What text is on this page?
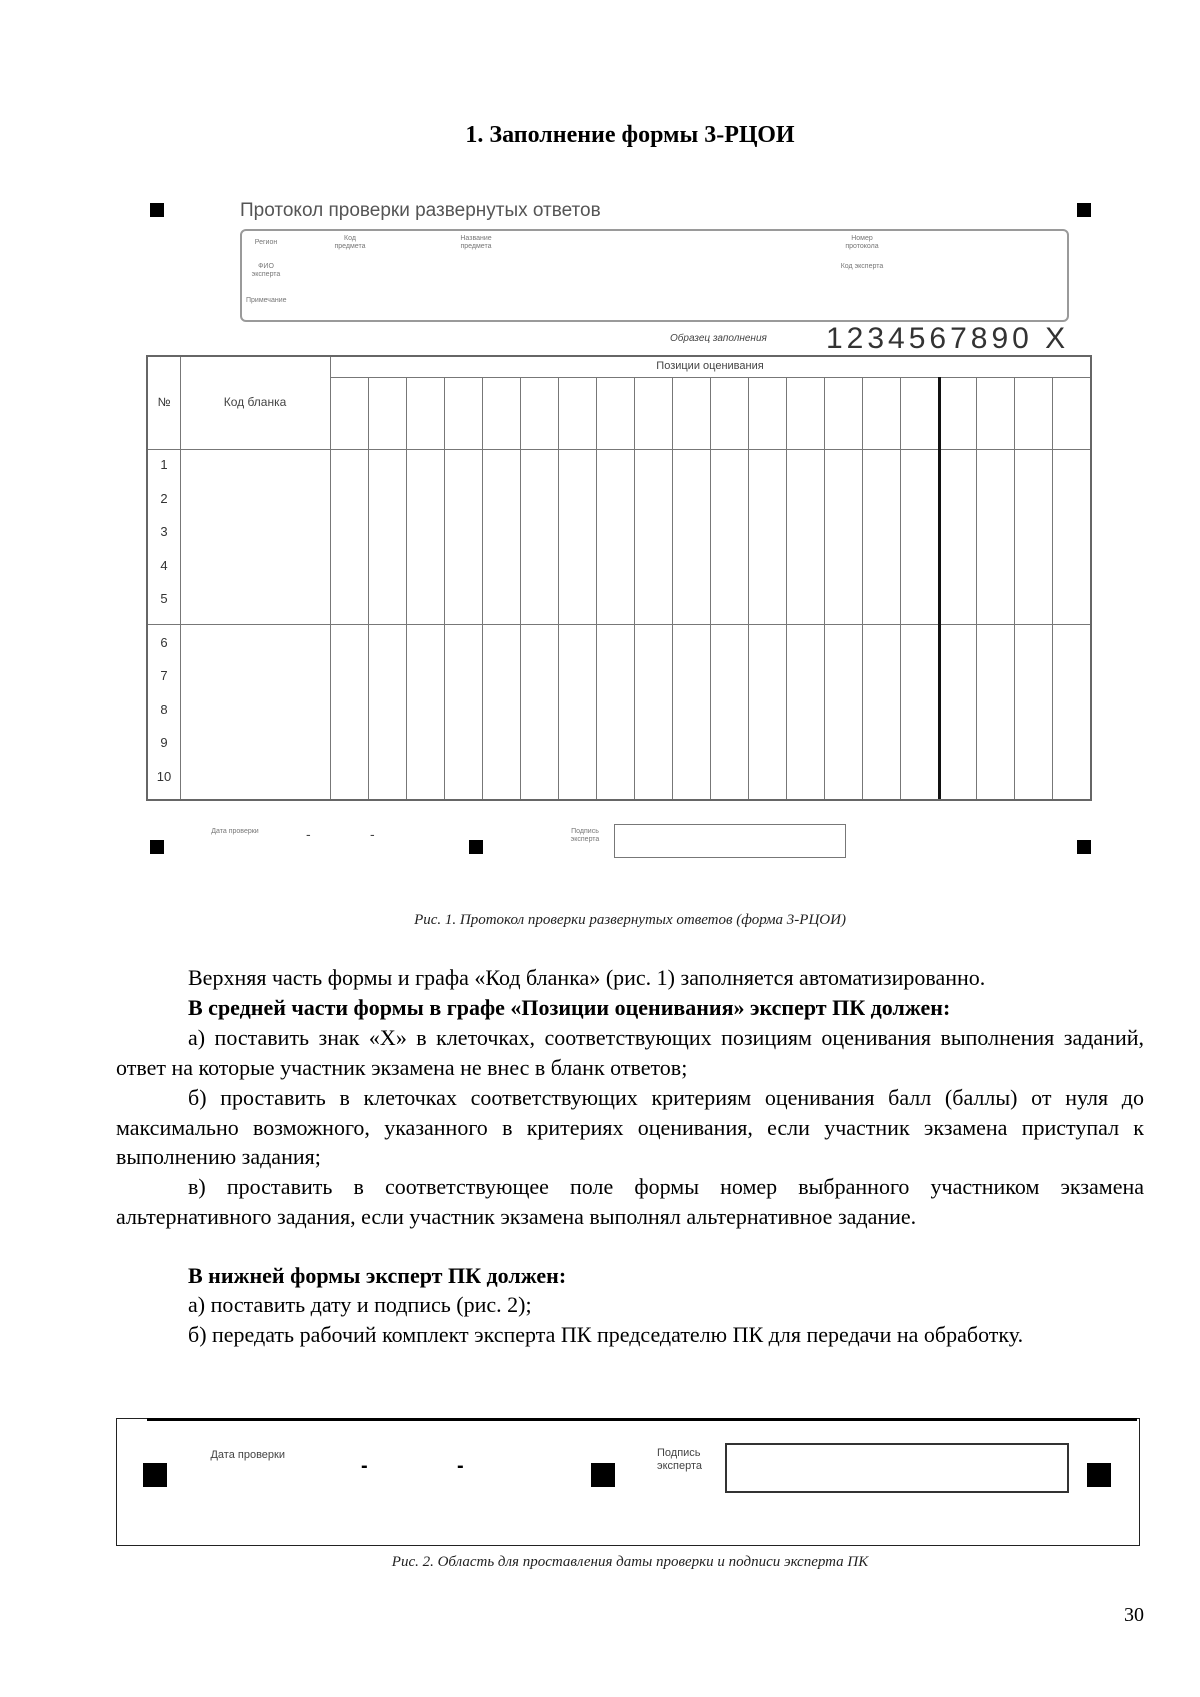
1. Заполнение формы 3-РЦОИ
Протокол проверки развернутых ответов
Регион
Код предмета
Название предмета
Номер протокола
ФИО эксперта
Код эксперта
Примечание
Образец заполнения 1234567890 X
Позиции оценивания
№	Код бланка
1
2
3
4
5
6
7
8
9
10
Дата проверки	-	-	Подпись эксперта
Рис. 1. Протокол проверки развернутых ответов (форма 3-РЦОИ)
Верхняя часть формы и графа «Код бланка» (рис. 1) заполняется автоматизированно.
В средней части формы в графе «Позиции оценивания» эксперт ПК должен:
а) поставить знак «X» в клеточках, соответствующих позициям оценивания выполнения заданий, ответ на которые участник экзамена не внес в бланк ответов;
б) проставить в клеточках соответствующих критериям оценивания балл (баллы) от нуля до максимально возможного, указанного в критериях оценивания, если участник экзамена приступал к выполнению задания;
в) проставить в соответствующее поле формы номер выбранного участником экзамена альтернативного задания, если участник экзамена выполнял альтернативное задание.
В нижней формы эксперт ПК должен:
а) поставить дату и подпись (рис. 2);
б) передать рабочий комплект эксперта ПК председателю ПК для передачи на обработку.
Дата проверки	-	-
Подпись эксперта
Рис. 2. Область для проставления даты проверки и подписи эксперта ПК
30
